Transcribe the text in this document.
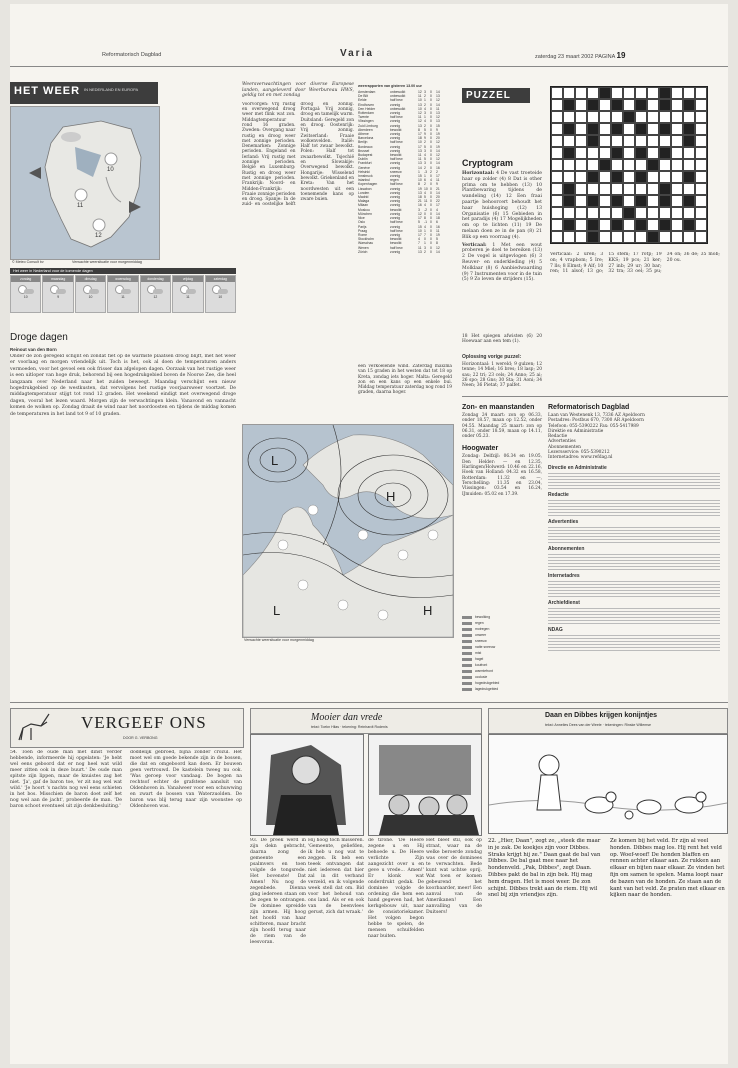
Reformatorisch Dagblad	Varia	zaterdag 23 maart 2002 PAGINA 19
HET WEER IN NEDERLAND EN EUROPA
11
10
12
© Meteo Consult bv	Verwachte weersituatie voor morgenmiddag
Het weer in Nederland voor de komende dagen
zondag
10
maandag
9
dinsdag
10
woensdag
11
donderdag
12
vrijdag
11
zaterdag
10
Weersverwachtingen voor diverse Europese landen, aangeleverd door Weerbureau HWS, geldig tot en met zondag
Voorvorgen: Vrij rustig en overwegend droog weer met flink wat zon. Middagtemperatuur rond 16 graden. Zweden: Overgang naar rustig en droog weer met zonnige perioden. Denemarken: Zonnige perioden. Engeland en Ierland: Vrij rustig met zonnige perioden. België en Luxemburg: Rustig en droog weer met zonnige perioden. Frankrijk: Noord- en Midden-Frankrijk: Fraaie zonnige perioden en droog. Spanje: In de zuid- en oostelijke helft droog en zonnig. Portugal: Vrij zonnig, droog en tamelijk warm. Duitsland: Geregeld zon en droog. Oostenrijk: Vrij zonnig. Zwitserland: Fraaie wolkenvelden. Italië: Half tot zwaar bewolkt. Polen: Half tot zwaarbewolkt. Tsjechië en Slowakije: Overwegend bewolkt. Hongarije: Wisselend bewolkt. Griekenland en Kreta: Van het noordwesten uit een toenemende kans op zware buien.
weerrapporten van gisteren 13.00 uur
Amsterdam	onbewolkt	12 3	0	14
De Bilt	onbewolkt	11 2	0	13
Eelde	half bew	10 1	0	12
Eindhoven	zonnig	13 2	0	14
Den Helder	onbewolkt	10 4	0	11
Rotterdam	zonnig	12 3	0	13
Twente	half bew	11 1	0	12
Vlissingen	zonnig	12 4	0	13
Zuid Limburg	zonnig	13 2	0	15
Aberdeen	bewolkt	8	5	0	9
Athene	zonnig	17 9	0	19
Barcelona	zonnig	18 9	0	20
Berlijn	half bew	10 2	0	12
Bordeaux	zonnig	17 5	0	19
Brussel	zonnig	13 3	0	14
Budapest	bewolkt	11 4	0	12
Dublin	half bew	11 5	0	12
Frankfurt	zonnig	13 3	0	14
Genève	zonnig	14 2	0	16
Helsinki	sneeuw	1	-3 2	2
Innsbruck	zonnig	15 1	0	17
Istanbul	regen	10 6	4	11
Kopenhagen	half bew	8	2	0	9
Lissabon	zonnig	19 10 0	21
Londen	zonnig	13 4	0	14
Madrid	zonnig	18 5	0	20
Malaga	zonnig	21 11 0	22
Milaan	zonnig	16 4	0	17
Moskou	bewolkt	3	-2 0	4
München	zonnig	12 0	0	14
Nice	zonnig	17 8	0	18
Oslo	half bew	5	-1 0	6
Parijs	zonnig	15 4	0	16
Praag	half bew	10 1	0	11
Rome	zonnig	17 7	0	19
Stockholm	bewolkt	4	0	0	5
Warschau	bewolkt	7	1	0	8
Wenen	half bew	11 3	0	12
Zürich	zonnig	13 2	0	14
een verkoelende wind. Zaterdag maxima van 15 graden in het westen dat tot 18 op Kreta, zondag iets hoger. Malta: Geregeld zon en een kans op een enkele bui. Middag temperatuur zaterdag nog rond 19 graden, daarna hoger.
Droge dagen
Reinout van den Born
Onder de zon geregeld schijnt en zondat fiet op de warmste plaatsen droog blijft, met het weer er voorlaag en morgen vriendelijk uit. Toch is het, ook al doen de temperaturen anders vermoeden, voor het gevoel een ook frisser dan afgelopen dagen. Oorzaak van het rustige weer is een uitloper van hoge druk, behorend bij een hogedrukgebied boven de Noorse Zee, die heel langzaam over Nederland naar het zuiden beweegt. Maandag verschijnt een nieuw hogedrukgebied op de westkusten, dat vervolgens het rustige voorjaarsweer voortzet. De middagtemperatuur stijgt tot rond 12 graden. Het weekend eindigt met overwegend droge dagen, vooral het lezen waard. Morgen zijn de verwachtingen klein. Vanavond en vannacht komen de wolken op. Zondag draait de wind naar het noordoosten en tijdens de middag komen de temperaturen in het land tot 9 of 10 graden.
L
H
L	H
Verwachte weersituatie voor morgenmiddag
bewolking
regen
motregen
onweer
sneeuw
natte sneeuw
mist
hagel
koufront
warmtefront
occlusie
hogedrukgebied
lagedrukgebied
PUZZEL
Cryptogram
Horizontaal: 4 De vast troeteide haar op zolder (4) 8 Dat is other prima om te hebben (13) 10 Plantbewaring tijdens de wandeling (14) 12 Een fraai paartje behoorcert behoudt het haar huishoging (12) 13 Organisatie (6) 15 Gebieden in het paradijs (4) 17 Mogelijkheden om op te lichten (11) 19 De melaan doen ze in de pan (8) 21 Blik op een voorraag (4).
Verticaal: 1 Met een wout proberen je doel te bereiken (13) 2 De vogel is uitgevlogen (6) 3 Reuver- en onderkleding (4) 5 Molklaar (8) 6 Aanbiedwaarding (9) 7 Instrumenten voor in de tuin (5) 9 Zo leven de strijders (15).
18 Het spiegen afwisten (6) 20 Hoewaar aan een tem (1).
Oplossing vorige puzzel:
Horizontaal: 1 wereld; 9 gulzen; 12 tenne; 14 Miel; 16 bres; 18 lasp; 20 sau; 22 tri; 23 cels; 24 Anno; 25 ai; 26 spo; 28 Gns; 30 Sta; 31 Aoni; 34 Neen; 36 Pietat; 37 palfet.
Verticaal: 2 uren; 3 on; 4 vrapbom; 5 Ire; 7 lls; 8 Elmst; 9 Alf; 10 ren; 11 alsof; 13 go; 15 stem; 17 rotp; 19 KKS; 19 pcs; 21 ker; 27 inb; 29 ur; 30 bar; 32 tra; 33 oel; 35 pu; 34 on; 36 de; 35 mob; 20 ou.
Zon- en maanstanden
Zondag 24 maart: zon op 06.33, onder 18.57, maan op 12.52, onder 04.55. Maandag 25 maart: zon op 06.31, onder 18.59, maan op 14.11, onder 05.23.
Hoogwater
Zondag: Delfzijl: 06.34 en 19.05, Den Helder: — en 12.35, Harlingen/Holwerd: 10.46 en 22.16, Hoek van Holland: 04.32 en 16.58, Rotterdam: 11.32 en —, Terschelling: 11.35 en 23.04, Vlissingen: 03.54 en 16.24, IJmuiden: 05.02 en 17.39.
Reformatorisch Dagblad
Laan van Westenenk 13, 7336 AZ Apeldoorn
Postadres: Postbus 670, 7300 AR Apeldoorn
Telefoon: 055-5390222 Fax: 055-5417989
Direktie en Administratie
Redactie
Advertenties
Abonnementen
Lezersservice: 055-5390212
Internetadres: www.refdag.nl
Directie en Administratie
Redactie
Advertenties
Abonnementen
Internetadres
Archiefdienst
NDAG
VERGEEF ONS
DOOR G. VERBONG
54. Toen de oude man met dinst verder hebbende, informeerde hij opgelaten: 'Je hebt wel eens geboord dat er nog heel wat wild meer zitten ook in deze buurt.' De oude man spitste zijn lippen, maar de knuistes zag het niet. 'Ja', gaf de baron toe, 'er zit nog wel wat wild.' 'Je hoort 's nachts nog wel eens schieten in het bos. Misschien de baron doet zelf het nog wel aan de jacht', probeerde de man. 'De baron schoot eventueel uit zijn denkbesluiting.'
doddelijk gebroed, bijna zonder crozul. Het moet wel om goede bekende zijn in de bossen, die dat en omgeboord kan doen. Er bouwen geen vertrouwd. De kastelein tweeg nu ook. 'Was geroep voor vandaag. De bogen na rechtsof echter de grafstene aansluit van Oldenhoven in. Vanalweer voor een schuwwing en zwart de bossen van Waterzuolden. De baron was blij terug naar zijn woonstee op Oldenhoven was.
Mooier dan vrede
tekst: Toekn Hilas · tekening: Reinhardt Rodenis
93. De preek werd in zijn dekn gebracht, daarna zong de gemeente een psalmvers en toen volgde de tongsrede. Het bovenste! Dat Amen! Nu nog de zegenbede. Dienna ging iedereen staan om de zegen te ontvangen. De dominee spreidde zijn armen. Hij hoog het hoofd van haar schitteren, maar bracht zijn hoofd terug naar de riem van de leesvoran.
Hij hoog toch misseren. 'Gemeente, geliefden, ik heb u nog wat te zeggen. Ik heb een teeek ontvangen dat niet iedereen dat hier zal in dit verband verzeld, en ik volgende week stell dat om. Bid voor het behoud van ons land. Als er en ook van de beenvlees gerust, zich dat wraak.'
de tirone. 'De Heere zegene u en Hij behoede u. De Heere verlichte Zijn aangezicht over u en geve u vrede... Amen!' Er klonk wat onderdrukt gedak. De dominee volgde de ordening die hem een hand gegeven had, het kerkgebouw uit, naar de consistoriekamer. Het volgen begon hebbe te spelen, de mensen schuifelden naar buiten.
Het bleef stil, ook op straat, waar na de welke beroerde zondag was over de dominees te verwachten. Bede kunt wat uchtse oprij. Wat toen er komen gebeurend het koorbaarder, meer! Een aanval van de Amerikanen! Een aanvalling van de Duitsers!
Daan en Dibbes krijgen konijntjes
tekst: Annelies Dees van der Weele · tekeningen: Rinske Willemse
22. „Hier, Daan", zegt ze, „steek die maar in je zak. De koekjes zijn voor Dibbes. Straks krijgt hij ze." Daan gaat de bal van Dibbes. De bal gaat mee naar het hondenveld. „Pak, Dibbes", zegt Daan. Dibbes pakt de bal in zijn bek. Hij mag hem dragen. Het is mooi weer. De zon schijnt. Dibbes trekt aan de riem. Hij wil snel bij zijn vriendjes zijn.
Ze komen bij het veld. Er zijn al veel honden. Dibbes mag los. Hij rent het veld op. Woef-woef! De honden blaffen en rennen achter elkaar aan. Ze rukken aan elkaar en bijten naar elkaar. Ze vinden het fijn om samen te spelen. Mama loopt naar de bazen van de honden. Ze staan aan de kant van het veld. Ze praten met elkaar en kijken naar de honden.
